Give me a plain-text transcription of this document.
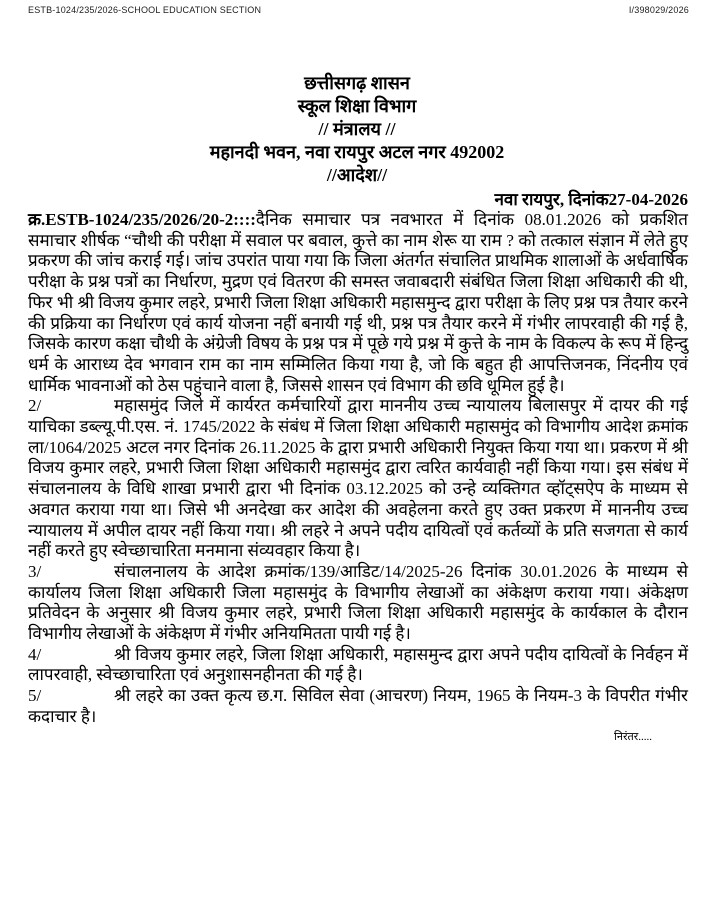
ESTB-1024/235/2026-SCHOOL EDUCATION SECTION	I/398029/2026
छत्तीसगढ़ शासन
स्कूल शिक्षा विभाग
// मंत्रालय //
महानदी भवन, नवा रायपुर अटल नगर 492002
//आदेश//
नवा रायपुर, दिनांक27-04-2026

क्र.ESTB-1024/235/2026/20-2::::दैनिक समाचार पत्र नवभारत में दिनांक 08.01.2026 को प्रकशित समाचार शीर्षक “चौथी की परीक्षा में सवाल पर बवाल, कुत्ते का नाम शेरू या राम ? को तत्काल संज्ञान में लेते हुए प्रकरण की जांच कराई गई। जांच उपरांत पाया गया कि जिला अंतर्गत संचालित प्राथमिक शालाओं के अर्धवार्षिक परीक्षा के प्रश्न पत्रों का निर्धारण, मुद्रण एवं वितरण की समस्त जवाबदारी संबंधित जिला शिक्षा अधिकारी की थी, फिर भी श्री विजय कुमार लहरे, प्रभारी जिला शिक्षा अधिकारी महासमुन्द द्वारा परीक्षा के लिए प्रश्न पत्र तैयार करने की प्रक्रिया का निर्धारण एवं कार्य योजना नहीं बनायी गई थी, प्रश्न पत्र तैयार करने में गंभीर लापरवाही की गई है, जिसके कारण कक्षा चौथी के अंग्रेजी विषय के प्रश्न पत्र में पूछे गये प्रश्न में कुत्ते के नाम के विकल्प के रूप में हिन्दु धर्म के आराध्य देव भगवान राम का नाम सम्मिलित किया गया है, जो कि बहुत ही आपत्तिजनक, निंदनीय एवं धार्मिक भावनाओं को ठेस पहुंचाने वाला है, जिससे शासन एवं विभाग की छवि धूमिल हुई है।

2/	महासमुंद जिले में कार्यरत कर्मचारियों द्वारा माननीय उच्च न्यायालय बिलासपुर में दायर की गई याचिका डब्ल्यू.पी.एस. नं. 1745/2022 के संबंध में जिला शिक्षा अधिकारी महासमुंद को विभागीय आदेश क्रमांक ला/1064/2025 अटल नगर दिनांक 26.11.2025 के द्वारा प्रभारी अधिकारी नियुक्त किया गया था। प्रकरण में श्री विजय कुमार लहरे, प्रभारी जिला शिक्षा अधिकारी महासमुंद द्वारा त्वरित कार्यवाही नहीं किया गया। इस संबंध में संचालनालय के विधि शाखा प्रभारी द्वारा भी दिनांक 03.12.2025 को उन्हे व्यक्तिगत व्हॉट्सऐप के माध्यम से अवगत कराया गया था। जिसे भी अनदेखा कर आदेश की अवहेलना करते हुए उक्त प्रकरण में माननीय उच्च न्यायालय में अपील दायर नहीं किया गया। श्री लहरे ने अपने पदीय दायित्वों एवं कर्तव्यों के प्रति सजगता से कार्य नहीं करते हुए स्वेच्छाचारिता मनमाना संव्यवहार किया है।

3/	संचालनालय के आदेश क्रमांक/139/आडिट/14/2025-26 दिनांक 30.01.2026 के माध्यम से कार्यालय जिला शिक्षा अधिकारी जिला महासमुंद के विभागीय लेखाओं का अंकेक्षण कराया गया। अंकेक्षण प्रतिवेदन के अनुसार श्री विजय कुमार लहरे, प्रभारी जिला शिक्षा अधिकारी महासमुंद के कार्यकाल के दौरान विभागीय लेखाओं के अंकेक्षण में गंभीर अनियमितता पायी गई है।

4/	श्री विजय कुमार लहरे, जिला शिक्षा अधिकारी, महासमुन्द द्वारा अपने पदीय दायित्वों के निर्वहन में लापरवाही, स्वेच्छाचारिता एवं अनुशासनहीनता की गई है।

5/	श्री लहरे का उक्त कृत्य छ.ग. सिविल सेवा (आचरण) नियम, 1965 के नियम-3 के विपरीत गंभीर कदाचार है।

निरंतर.....
